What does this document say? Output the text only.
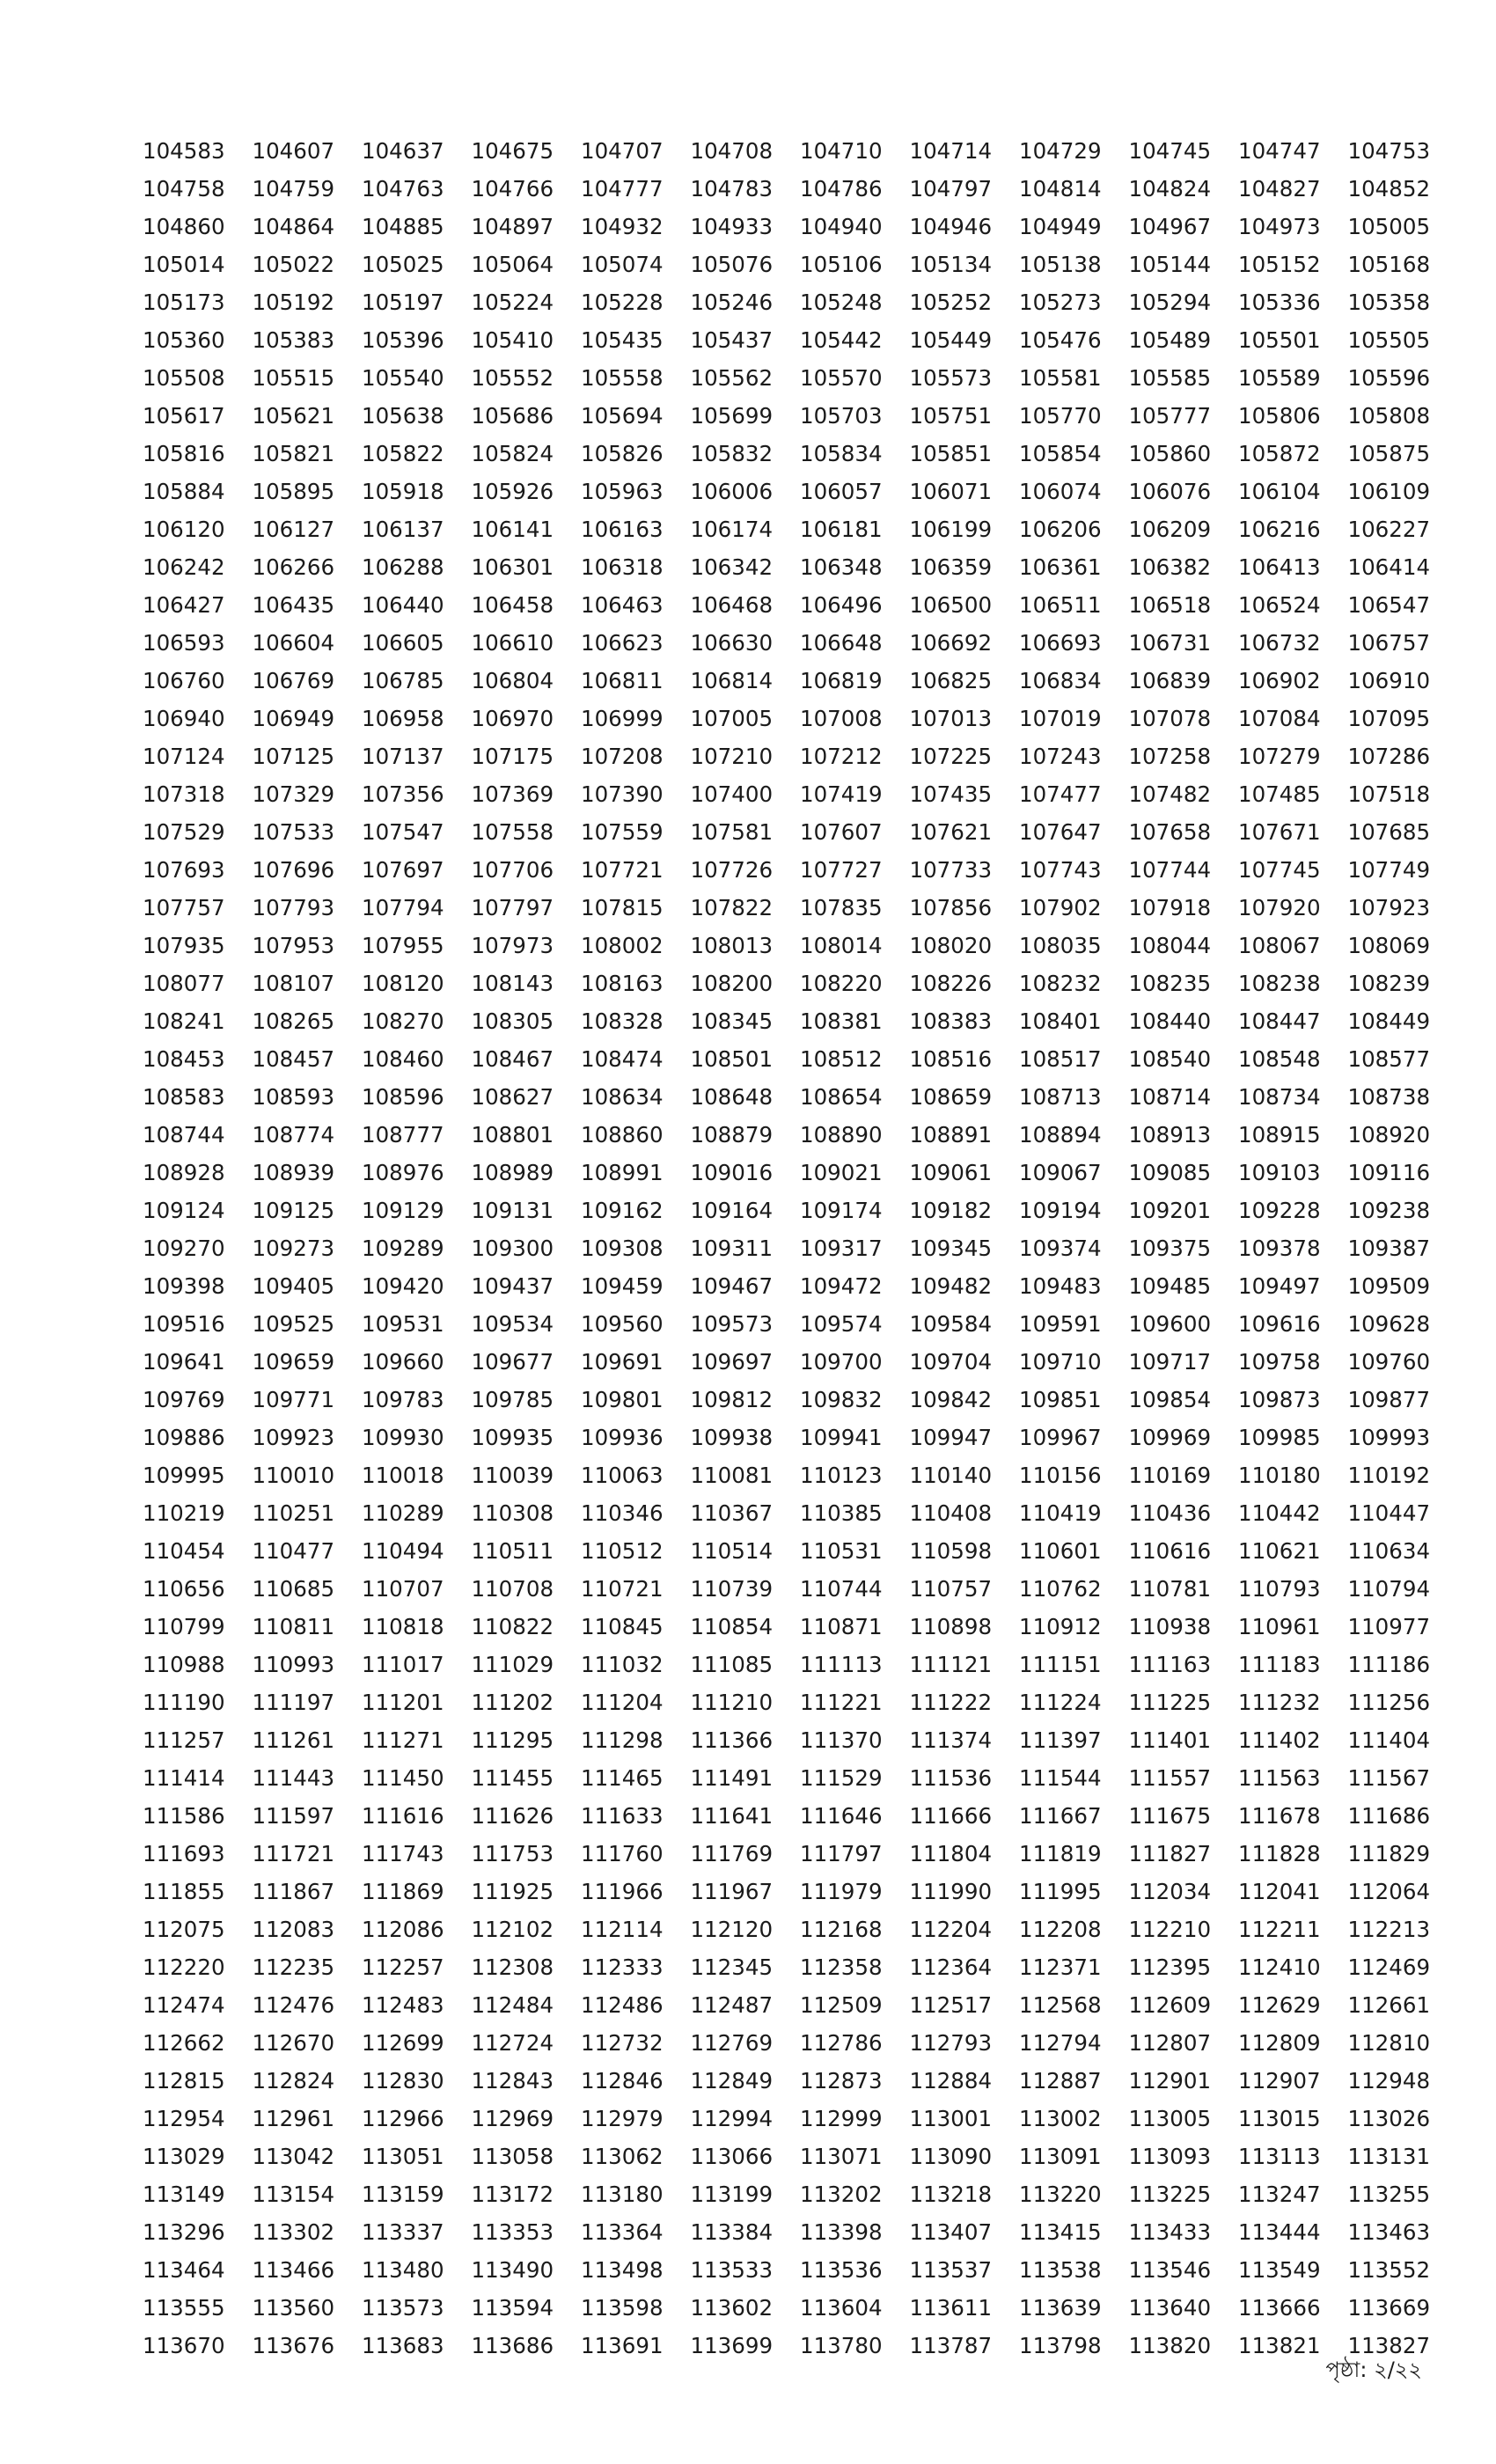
104583	104607	104637	104675	104707	104708	104710	104714	104729	104745	104747	104753
104758	104759	104763	104766	104777	104783	104786	104797	104814	104824	104827	104852
104860	104864	104885	104897	104932	104933	104940	104946	104949	104967	104973	105005
105014	105022	105025	105064	105074	105076	105106	105134	105138	105144	105152	105168
105173	105192	105197	105224	105228	105246	105248	105252	105273	105294	105336	105358
105360	105383	105396	105410	105435	105437	105442	105449	105476	105489	105501	105505
105508	105515	105540	105552	105558	105562	105570	105573	105581	105585	105589	105596
105617	105621	105638	105686	105694	105699	105703	105751	105770	105777	105806	105808
105816	105821	105822	105824	105826	105832	105834	105851	105854	105860	105872	105875
105884	105895	105918	105926	105963	106006	106057	106071	106074	106076	106104	106109
106120	106127	106137	106141	106163	106174	106181	106199	106206	106209	106216	106227
106242	106266	106288	106301	106318	106342	106348	106359	106361	106382	106413	106414
106427	106435	106440	106458	106463	106468	106496	106500	106511	106518	106524	106547
106593	106604	106605	106610	106623	106630	106648	106692	106693	106731	106732	106757
106760	106769	106785	106804	106811	106814	106819	106825	106834	106839	106902	106910
106940	106949	106958	106970	106999	107005	107008	107013	107019	107078	107084	107095
107124	107125	107137	107175	107208	107210	107212	107225	107243	107258	107279	107286
107318	107329	107356	107369	107390	107400	107419	107435	107477	107482	107485	107518
107529	107533	107547	107558	107559	107581	107607	107621	107647	107658	107671	107685
107693	107696	107697	107706	107721	107726	107727	107733	107743	107744	107745	107749
107757	107793	107794	107797	107815	107822	107835	107856	107902	107918	107920	107923
107935	107953	107955	107973	108002	108013	108014	108020	108035	108044	108067	108069
108077	108107	108120	108143	108163	108200	108220	108226	108232	108235	108238	108239
108241	108265	108270	108305	108328	108345	108381	108383	108401	108440	108447	108449
108453	108457	108460	108467	108474	108501	108512	108516	108517	108540	108548	108577
108583	108593	108596	108627	108634	108648	108654	108659	108713	108714	108734	108738
108744	108774	108777	108801	108860	108879	108890	108891	108894	108913	108915	108920
108928	108939	108976	108989	108991	109016	109021	109061	109067	109085	109103	109116
109124	109125	109129	109131	109162	109164	109174	109182	109194	109201	109228	109238
109270	109273	109289	109300	109308	109311	109317	109345	109374	109375	109378	109387
109398	109405	109420	109437	109459	109467	109472	109482	109483	109485	109497	109509
109516	109525	109531	109534	109560	109573	109574	109584	109591	109600	109616	109628
109641	109659	109660	109677	109691	109697	109700	109704	109710	109717	109758	109760
109769	109771	109783	109785	109801	109812	109832	109842	109851	109854	109873	109877
109886	109923	109930	109935	109936	109938	109941	109947	109967	109969	109985	109993
109995	110010	110018	110039	110063	110081	110123	110140	110156	110169	110180	110192
110219	110251	110289	110308	110346	110367	110385	110408	110419	110436	110442	110447
110454	110477	110494	110511	110512	110514	110531	110598	110601	110616	110621	110634
110656	110685	110707	110708	110721	110739	110744	110757	110762	110781	110793	110794
110799	110811	110818	110822	110845	110854	110871	110898	110912	110938	110961	110977
110988	110993	111017	111029	111032	111085	111113	111121	111151	111163	111183	111186
111190	111197	111201	111202	111204	111210	111221	111222	111224	111225	111232	111256
111257	111261	111271	111295	111298	111366	111370	111374	111397	111401	111402	111404
111414	111443	111450	111455	111465	111491	111529	111536	111544	111557	111563	111567
111586	111597	111616	111626	111633	111641	111646	111666	111667	111675	111678	111686
111693	111721	111743	111753	111760	111769	111797	111804	111819	111827	111828	111829
111855	111867	111869	111925	111966	111967	111979	111990	111995	112034	112041	112064
112075	112083	112086	112102	112114	112120	112168	112204	112208	112210	112211	112213
112220	112235	112257	112308	112333	112345	112358	112364	112371	112395	112410	112469
112474	112476	112483	112484	112486	112487	112509	112517	112568	112609	112629	112661
112662	112670	112699	112724	112732	112769	112786	112793	112794	112807	112809	112810
112815	112824	112830	112843	112846	112849	112873	112884	112887	112901	112907	112948
112954	112961	112966	112969	112979	112994	112999	113001	113002	113005	113015	113026
113029	113042	113051	113058	113062	113066	113071	113090	113091	113093	113113	113131
113149	113154	113159	113172	113180	113199	113202	113218	113220	113225	113247	113255
113296	113302	113337	113353	113364	113384	113398	113407	113415	113433	113444	113463
113464	113466	113480	113490	113498	113533	113536	113537	113538	113546	113549	113552
113555	113560	113573	113594	113598	113602	113604	113611	113639	113640	113666	113669
113670	113676	113683	113686	113691	113699	113780	113787	113798	113820	113821	113827
পৃষ্ঠা: ২/২২
